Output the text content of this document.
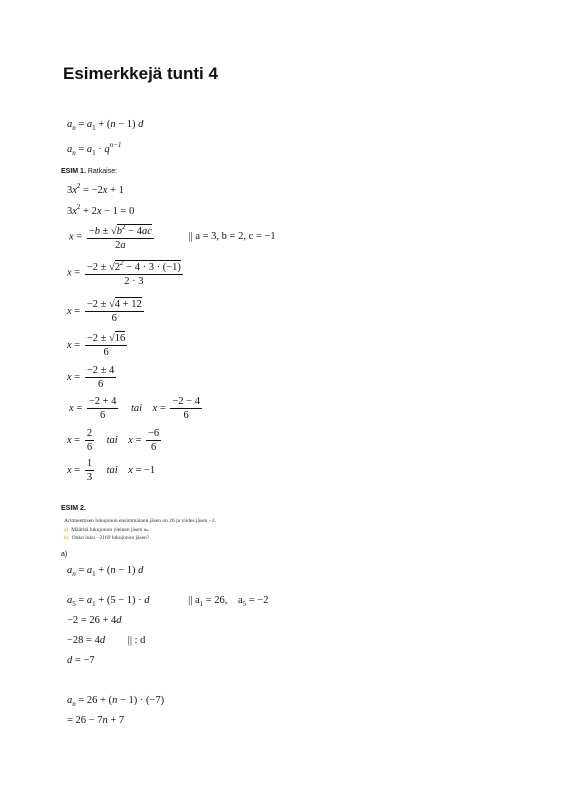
Esimerkkejä tunti 4
$a_n = a_1 + (n - 1)$ d
$a_n = a_1 \cdot q^{n-1}$
ESIM 1. Ratkaise:
$3x^2 = -2x + 1$
$3x^2 + 2x - 1 = 0$
$x = \frac{-b \pm √b^2 - 4ac}{2a}$	|| a = 3, b = 2, c = −1
$x = \frac{-2 \pm √2^2 - 4 \cdot 3 \cdot (-1)}{2 \cdot 3}$
$x = \frac{-2 \pm √4 + 12}{6}$
$x = \frac{-2 \pm √16}{6}$
$x = \frac{-2 \pm 4}{6}$
$x = \frac{-2 + 4}{6}$ tai    $x = \frac{-2 - 4}{6}$
$x = \frac{2}{6}$ tai    $x = \frac{-6}{6}$
$x = \frac{1}{3}$ tai    x = −1
ESIM 2.
Aritmeettisen lukujonon ensimmäinen jäsen on 26 ja viides jäsen −2.
a) Määritä lukujonon yleinen jäsen aₙ.
b) Onko luku −2169 lukujonon jäsen?
a)
$a_n = a_1 + (n - 1)$ d
$a_5 = a_1 + (5 - 1) \cdot d$	|| $a_1 = 26$,    $a_5 = -2$
−2 = 26 + 4d
−28 = 4d || : d
d = −7
$a_n = 26 + (n - 1) \cdot (-7)$
= 26 − 7n + 7
